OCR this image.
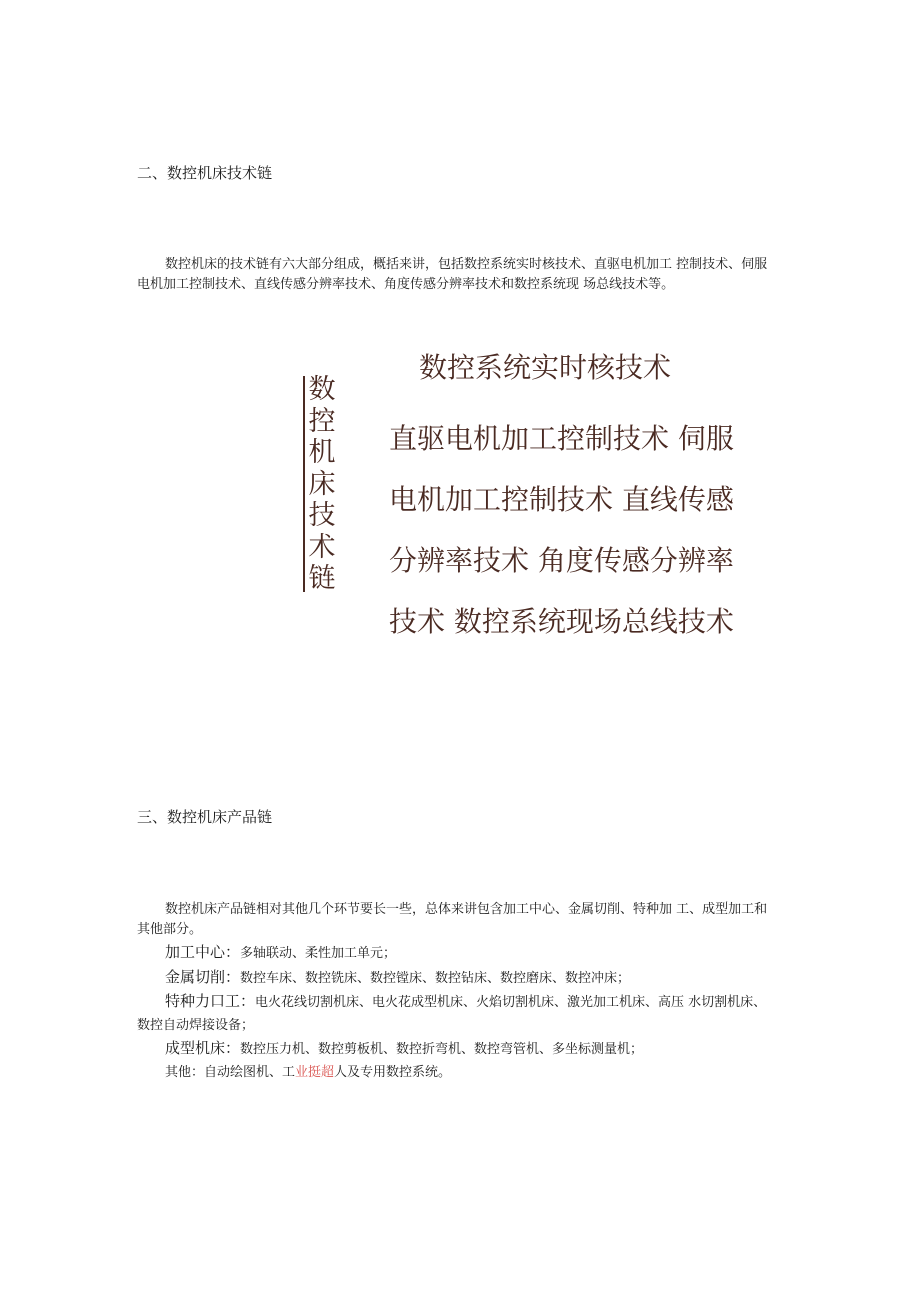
二、数控机床技术链
数控机床的技术链有六大部分组成，概括来讲，包括数控系统实时核技术、直驱电机加工 控制技术、伺服电机加工控制技术、直线传感分辨率技术、角度传感分辨率技术和数控系统现 场总线技术等。
数控机床技术链
数控系统实时核技术
直驱电机加工控制技术 伺服电机加工控制技术 直线传感分辨率技术 角度传感分辨率技术 数控系统现场总线技术
三、数控机床产品链
数控机床产品链相对其他几个环节要长一些，总体来讲包含加工中心、金属切削、特种加 工、成型加工和其他部分。

加工中心：多轴联动、柔性加工单元；

金属切削：数控车床、数控铣床、数控镗床、数控钻床、数控磨床、数控冲床；

特种力口工：电火花线切割机床、电火花成型机床、火焰切割机床、激光加工机床、高压 水切割机床、数控自动焊接设备；

成型机床：数控压力机、数控剪板机、数控折弯机、数控弯管机、多坐标测量机；

其他：自动绘图机、工业挺超人及专用数控系统。
